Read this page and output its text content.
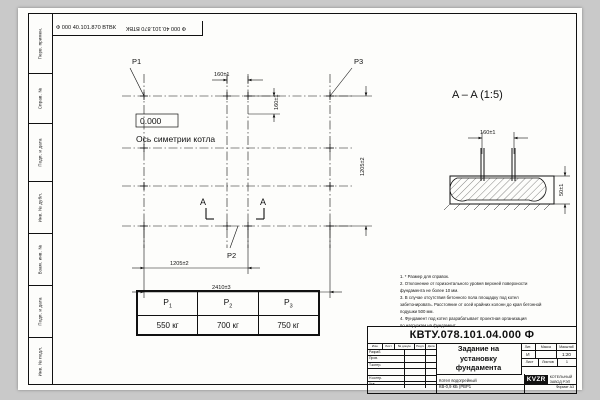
Перв. примен.
Справ. №
Подп. и дата
Инв. № дубл.
Взам. инв. №
Подп. и дата
Инв. № подл.
Ф 000 40.101.870 ВТВК Ф 000 40.101.870 ВТВК
P1	P3
P2
0.000
Ось симетрии котла
A	A
160±1
160±1
1205±2
1205±2
2410±3
A – A (1:5)
160±1
50±1
1. * Размер для справок.
2. Отклонение от горизонтального уровня верхней поверхности
фундамента не более 10 мм.
3. В случае отсутствия бетонного пола площадку под котел
забетонировать. Расстояние от осей крайних колонн до края бетонной
подушки 500 мм.
4. Фундамент под котел разрабатывает проектная организация
по нагрузкам на фундамент.
$P_1$	$P_2$	$P_3$
550 кг	700 кг	750 кг
КВТУ.078.101.04.000 Ф
Изм.	Лист	№ докум.	Подп.	Дата
Разраб.
Пров.
Т.контр.
Н.контр.
Утв.
Задание на
установку
фундамента
Котел водогрейный
КВ-0,9 КБ (РВР1
Лит.	Масса	Масштаб
И	1:20
Лист	Листов	1
KVZR	КОТЕЛЬНЫЙ
ЗАВОД РЭП
Формат А3
